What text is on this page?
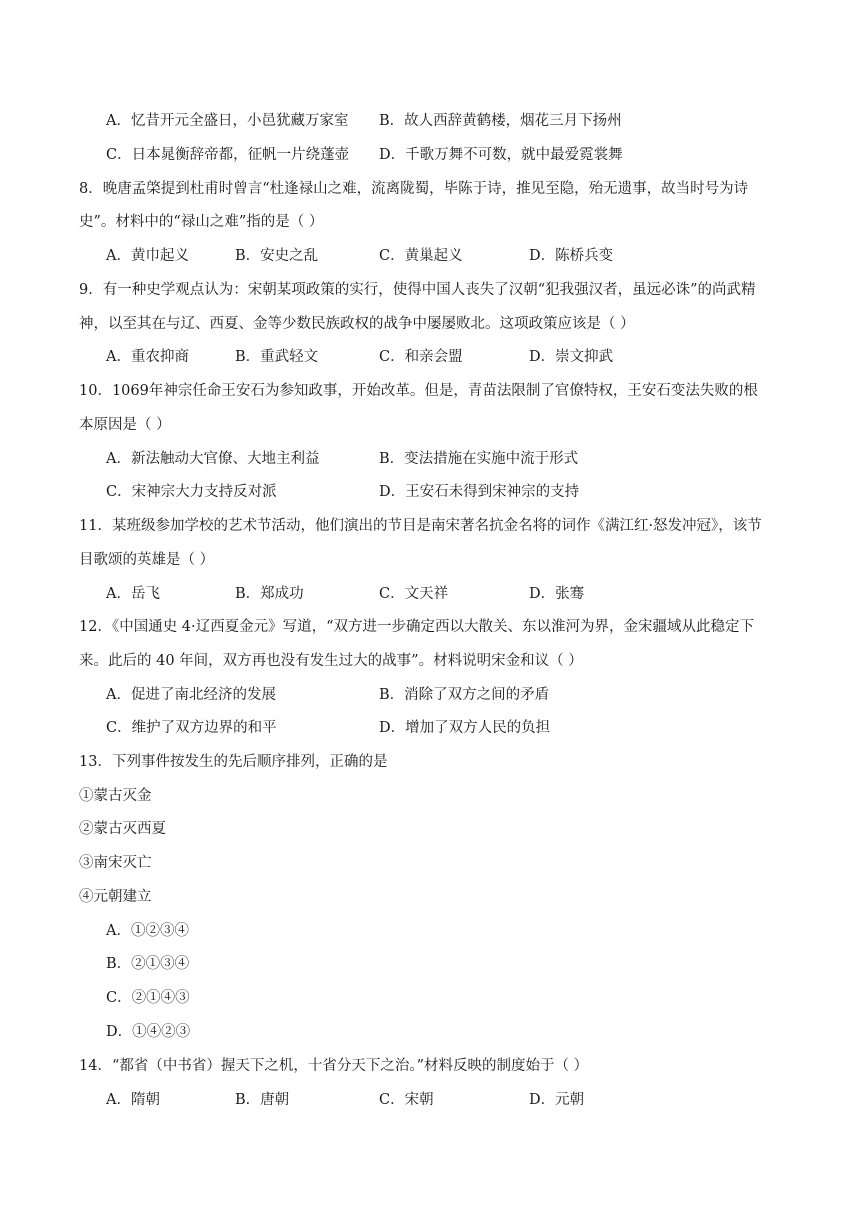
A．忆昔开元全盛日，小邑犹藏万家室 B．故人西辞黄鹤楼，烟花三月下扬州
C．日本晁衡辞帝都，征帆一片绕蓬壶 D．千歌万舞不可数，就中最爱霓裳舞
8．晚唐孟棨提到杜甫时曾言“杜逢禄山之难，流离陇蜀，毕陈于诗，推见至隐，殆无遗事，故当时号为诗
史”。材料中的“禄山之难”指的是（ ）
A．黄巾起义	B．安史之乱	C．黄巢起义	D．陈桥兵变
9．有一种史学观点认为：宋朝某项政策的实行，使得中国人丧失了汉朝“犯我强汉者，虽远必诛”的尚武精
神，以至其在与辽、西夏、金等少数民族政权的战争中屡屡败北。这项政策应该是（ ）
A．重农抑商	B．重武轻文	C．和亲会盟	D．崇文抑武
10．1069年神宗任命王安石为参知政事，开始改革。但是，青苗法限制了官僚特权，王安石变法失败的根
本原因是（ ）
A．新法触动大官僚、大地主利益	B．变法措施在实施中流于形式
C．宋神宗大力支持反对派	D．王安石未得到宋神宗的支持
11．某班级参加学校的艺术节活动，他们演出的节目是南宋著名抗金名将的词作《满江红·怒发冲冠》，该节
目歌颂的英雄是（ ）
A．岳飞	B．郑成功	C．文天祥	D．张骞
12．《中国通史 4·辽西夏金元》写道，“双方进一步确定西以大散关、东以淮河为界，金宋疆域从此稳定下
来。此后的 40 年间，双方再也没有发生过大的战事”。材料说明宋金和议（ ）
A．促进了南北经济的发展	B．消除了双方之间的矛盾
C．维护了双方边界的和平	D．增加了双方人民的负担
13．下列事件按发生的先后顺序排列，正确的是
①蒙古灭金
②蒙古灭西夏
③南宋灭亡
④元朝建立
A．①②③④
B．②①③④
C．②①④③
D．①④②③
14．“都省（中书省）握天下之机，十省分天下之治。”材料反映的制度始于（ ）
A．隋朝	B．唐朝	C．宋朝	D．元朝
